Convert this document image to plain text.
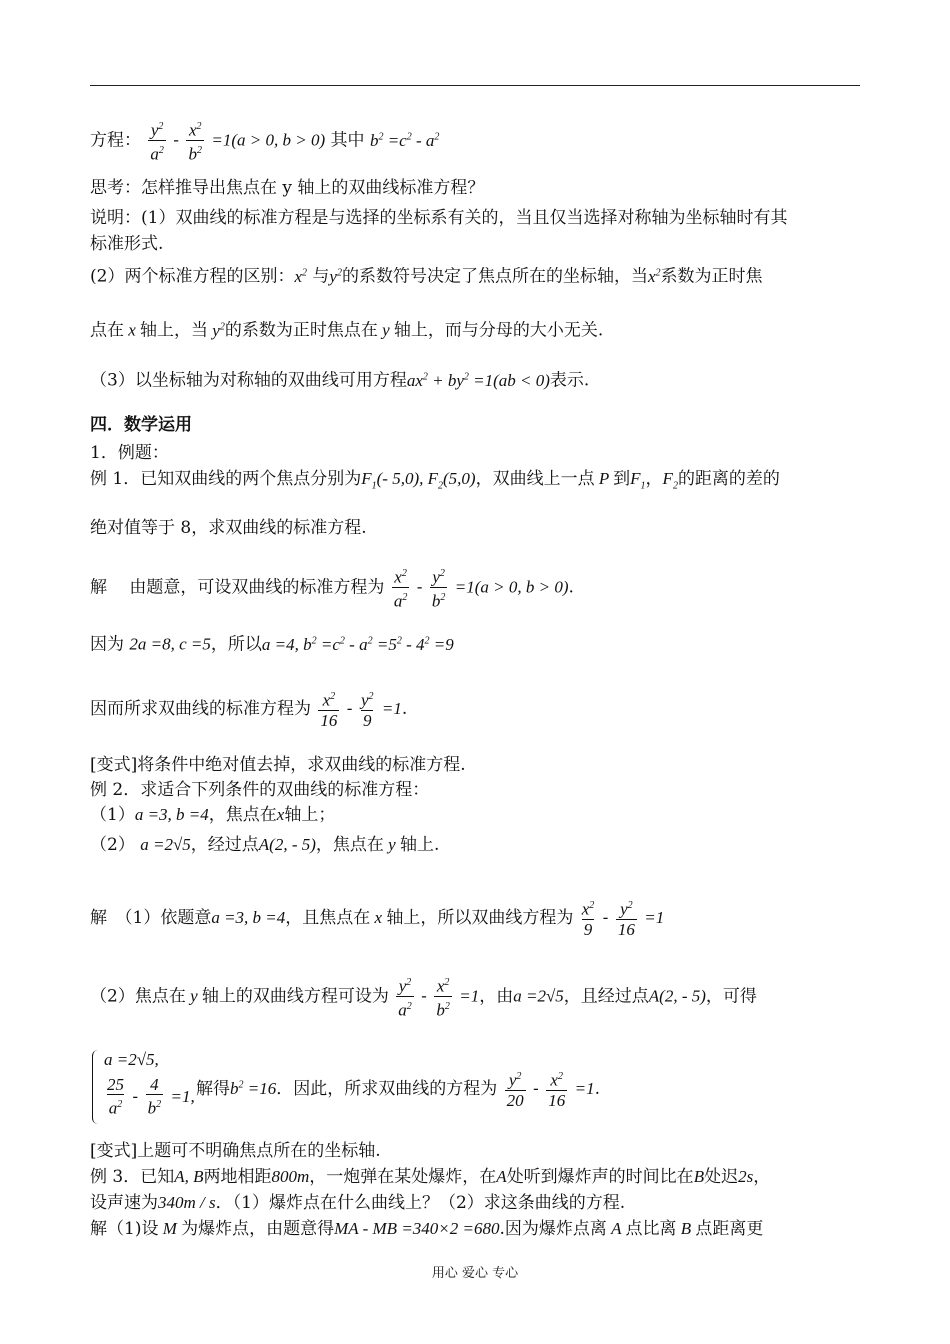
方程： $\frac{y^2}{a^2} - \frac{x^2}{b^2} =1(a > 0$, b > 0) 其中 $b^2 =c^2 - a^2$
思考：怎样推导出焦点在 y 轴上的双曲线标准方程？
说明：(1）双曲线的标准方程是与选择的坐标系有关的，当且仅当选择对称轴为坐标轴时有其
标准形式.
(2）两个标准方程的区别：$x^2$ 与$y^2$的系数符号决定了焦点所在的坐标轴，当$x^2$系数为正时焦
点在 x 轴上，当 $y^2$的系数为正时焦点在 y 轴上，而与分母的大小无关.
（3）以坐标轴为对称轴的双曲线可用方程$ax^2 + by^2 =1(ab < 0)$表示.
四．数学运用
1．例题：
例 1．已知双曲线的两个焦点分别为$F_1(-$ 5,0), $F_2(5,0)$，双曲线上一点 P 到$F_1$，$F_2$的距离的差的
绝对值等于 8，求双曲线的标准方程.
解　 由题意，可设双曲线的标准方程为 $\frac{x^2}{a^2} - \frac{y^2}{b^2} =1(a > 0$, b > 0).
因为 2a =8, c =5，所以a =4, $b^2 =c^2 - a^2 =5^2 - 4^2 =9$
因而所求双曲线的标准方程为 $\frac{x^2}{16} - \frac{y^2}{9} =1$.
[变式]将条件中绝对值去掉，求双曲线的标准方程.
例 2．求适合下列条件的双曲线的标准方程：
（1）a =3, b =4，焦点在x轴上；
（2） a =2√5，经过点A(2, - 5)，焦点在 y 轴上.
解　（1）依题意a =3, b =4，且焦点在 x 轴上，所以双曲线方程为 $\frac{x^2}{9} - \frac{y^2}{16} =1$
（2）焦点在 y 轴上的双曲线方程可设为 $\frac{y^2}{a^2} - \frac{x^2}{b^2} =1$，由a =2√5，且经过点A(2, - 5)，可得
a =2√5,
$\frac{25}{a^2} - \frac{4}{b^2} =1$, 解得$b^2 =16$．因此，所求双曲线的方程为 $\frac{y^2}{20} - \frac{x^2}{16} =1$.
[变式]上题可不明确焦点所在的坐标轴.
例 3．已知A, B两地相距800m，一炮弹在某处爆炸，在A处听到爆炸声的时间比在B处迟2s，
设声速为340m / s．（1）爆炸点在什么曲线上？（2）求这条曲线的方程.
解（1)设 M 为爆炸点，由题意得MA - MB =340×2 =680.因为爆炸点离 A 点比离 B 点距离更
用心 爱心 专心
